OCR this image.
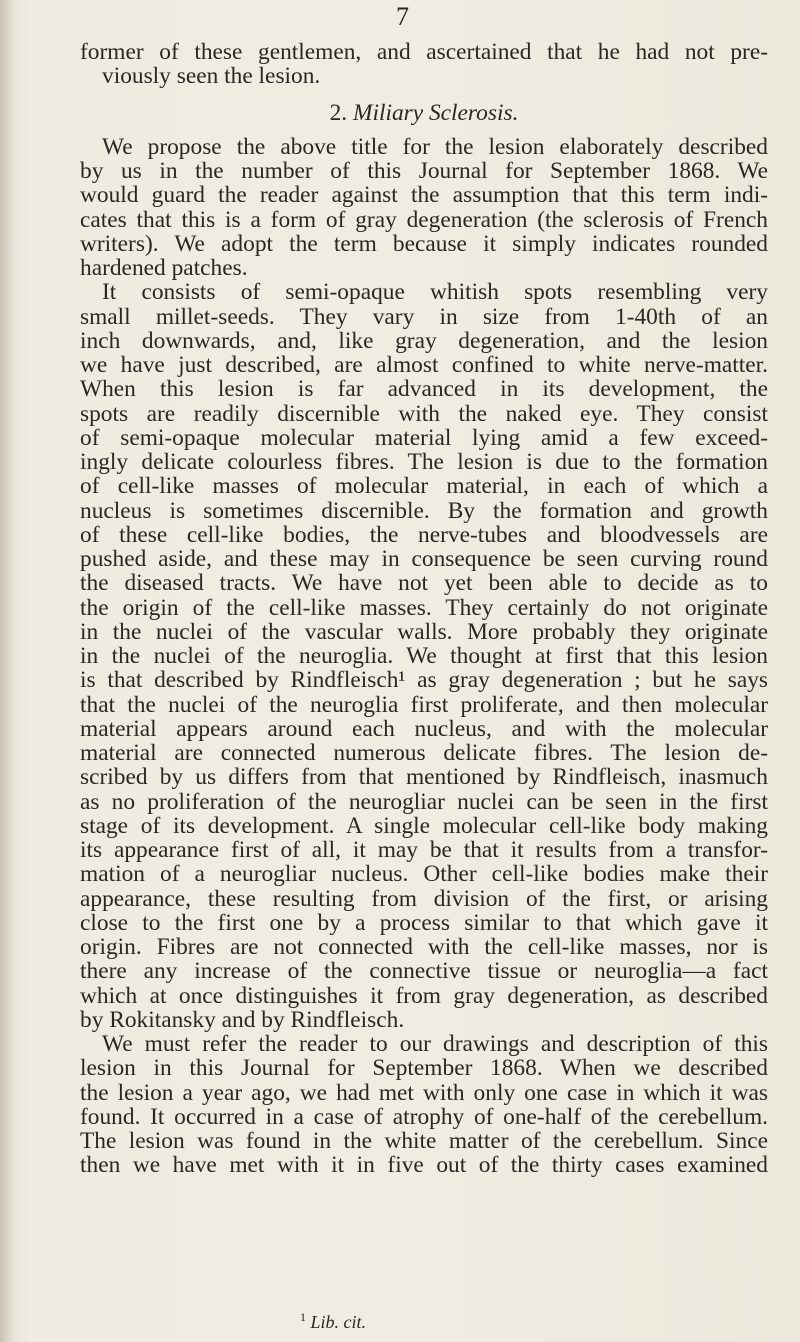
7
former of these gentlemen, and ascertained that he had not pre-
viously seen the lesion.
2. Miliary Sclerosis.
We propose the above title for the lesion elaborately described
by us in the number of this Journal for September 1868. We
would guard the reader against the assumption that this term indi-
cates that this is a form of gray degeneration (the sclerosis of French
writers). We adopt the term because it simply indicates rounded
hardened patches.
It consists of semi-opaque whitish spots resembling very
small millet-seeds. They vary in size from 1-40th of an
inch downwards, and, like gray degeneration, and the lesion
we have just described, are almost confined to white nerve-matter.
When this lesion is far advanced in its development, the
spots are readily discernible with the naked eye. They consist
of semi-opaque molecular material lying amid a few exceed-
ingly delicate colourless fibres. The lesion is due to the formation
of cell-like masses of molecular material, in each of which a
nucleus is sometimes discernible. By the formation and growth
of these cell-like bodies, the nerve-tubes and bloodvessels are
pushed aside, and these may in consequence be seen curving round
the diseased tracts. We have not yet been able to decide as to
the origin of the cell-like masses. They certainly do not originate
in the nuclei of the vascular walls. More probably they originate
in the nuclei of the neuroglia. We thought at first that this lesion
is that described by Rindfleisch¹ as gray degeneration ; but he says
that the nuclei of the neuroglia first proliferate, and then molecular
material appears around each nucleus, and with the molecular
material are connected numerous delicate fibres. The lesion de-
scribed by us differs from that mentioned by Rindfleisch, inasmuch
as no proliferation of the neurogliar nuclei can be seen in the first
stage of its development. A single molecular cell-like body making
its appearance first of all, it may be that it results from a transfor-
mation of a neurogliar nucleus. Other cell-like bodies make their
appearance, these resulting from division of the first, or arising
close to the first one by a process similar to that which gave it
origin. Fibres are not connected with the cell-like masses, nor is
there any increase of the connective tissue or neuroglia—a fact
which at once distinguishes it from gray degeneration, as described
by Rokitansky and by Rindfleisch.
We must refer the reader to our drawings and description of this
lesion in this Journal for September 1868. When we described
the lesion a year ago, we had met with only one case in which it was
found. It occurred in a case of atrophy of one-half of the cerebellum.
The lesion was found in the white matter of the cerebellum. Since
then we have met with it in five out of the thirty cases examined
$^1$ Lib. cit.
